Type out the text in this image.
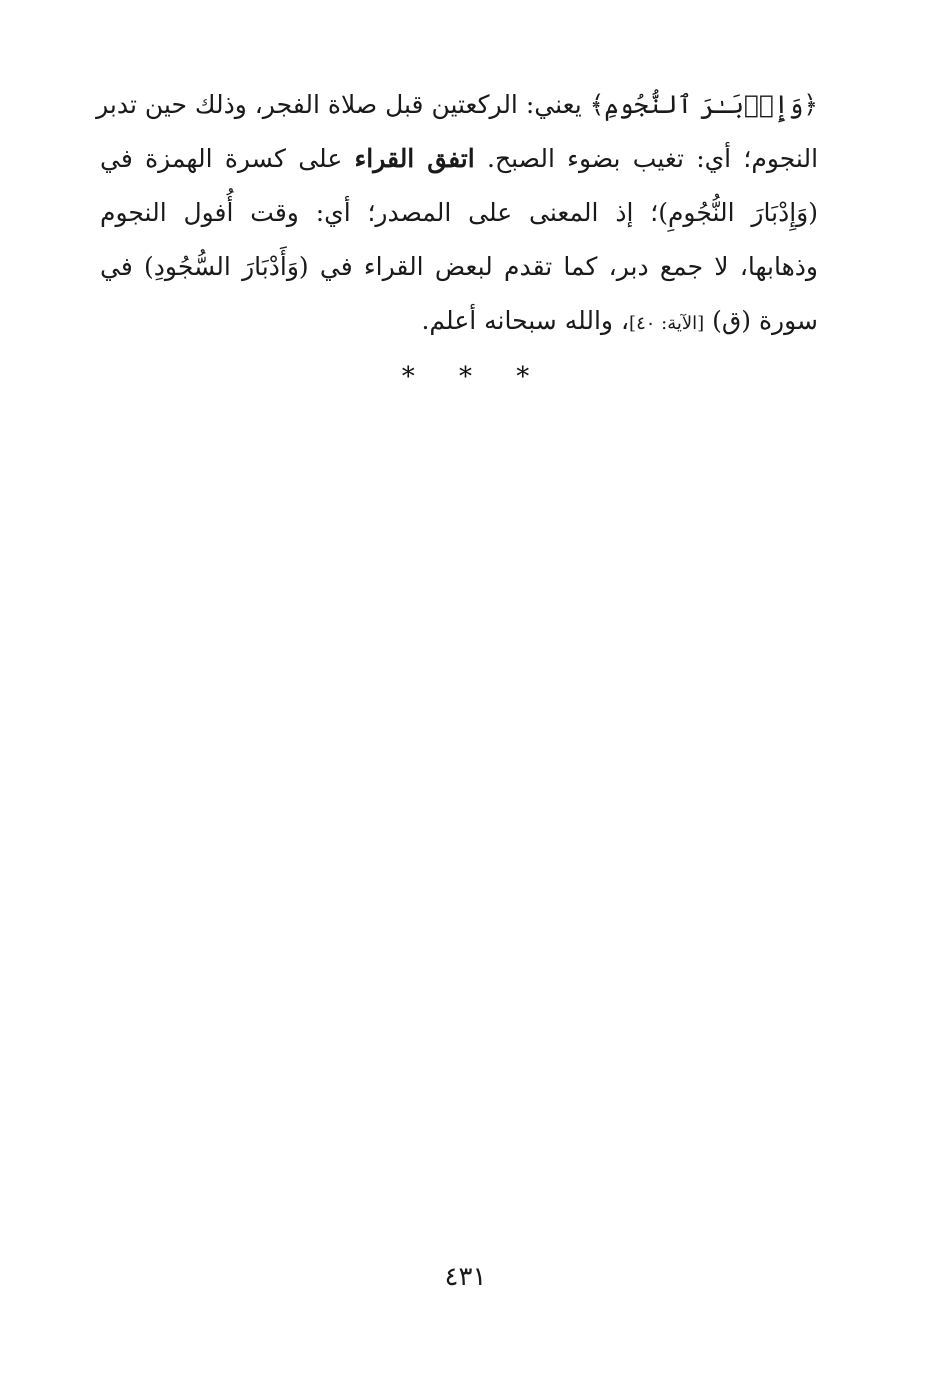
﴿وَإِدۡبَـٰرَ ٱلنُّجُومِ﴾ يعني: الركعتين قبل صلاة الفجر، وذلك حين تدبر
النجوم؛ أي: تغيب بضوء الصبح. اتفق القراء على كسرة الهمزة في
(وَإِدْبَارَ النُّجُومِ)؛ إذ المعنى على المصدر؛ أي: وقت أُفول النجوم
وذهابها، لا جمع دبر، كما تقدم لبعض القراء في (وَأَدْبَارَ السُّجُودِ) في
سورة (ق) [الآية: ٤٠]، والله سبحانه أعلم.
* * *
٤٣١
